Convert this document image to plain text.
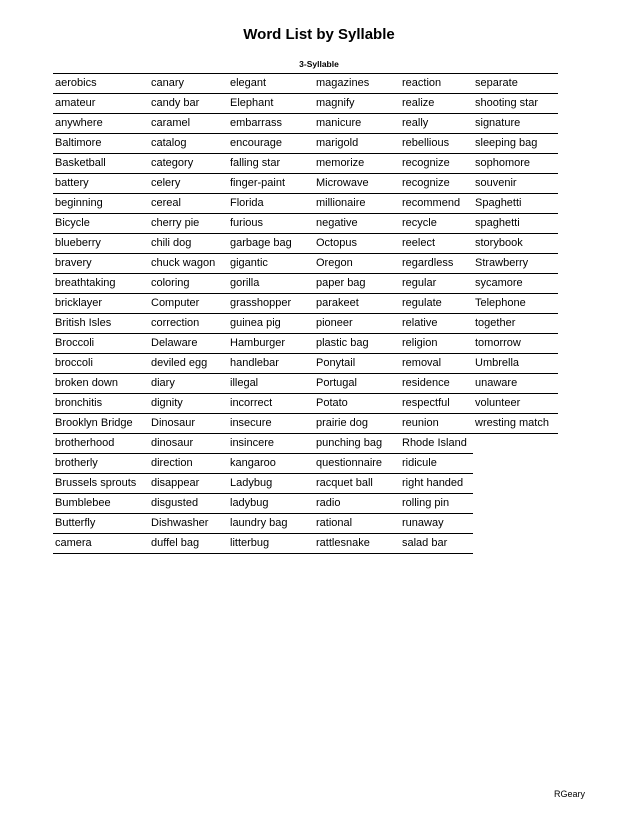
Word List by Syllable
3-Syllable
aerobics	canary	elegant	magazines	reaction	separate
amateur	candy bar	Elephant	magnify	realize	shooting star
anywhere	caramel	embarrass	manicure	really	signature
Baltimore	catalog	encourage	marigold	rebellious	sleeping bag
Basketball	category	falling star	memorize	recognize	sophomore
battery	celery	finger-paint	Microwave	recognize	souvenir
beginning	cereal	Florida	millionaire	recommend	Spaghetti
Bicycle	cherry pie	furious	negative	recycle	spaghetti
blueberry	chili dog	garbage bag	Octopus	reelect	storybook
bravery	chuck wagon	gigantic	Oregon	regardless	Strawberry
breathtaking	coloring	gorilla	paper bag	regular	sycamore
bricklayer	Computer	grasshopper	parakeet	regulate	Telephone
British Isles	correction	guinea pig	pioneer	relative	together
Broccoli	Delaware	Hamburger	plastic bag	religion	tomorrow
broccoli	deviled egg	handlebar	Ponytail	removal	Umbrella
broken down	diary	illegal	Portugal	residence	unaware
bronchitis	dignity	incorrect	Potato	respectful	volunteer
Brooklyn Bridge	Dinosaur	insecure	prairie dog	reunion	wresting match
brotherhood	dinosaur	insincere	punching bag	Rhode Island
brotherly	direction	kangaroo	questionnaire	ridicule
Brussels sprouts	disappear	Ladybug	racquet ball	right handed
Bumblebee	disgusted	ladybug	radio	rolling pin
Butterfly	Dishwasher	laundry bag	rational	runaway
camera	duffel bag	litterbug	rattlesnake	salad bar
RGeary
